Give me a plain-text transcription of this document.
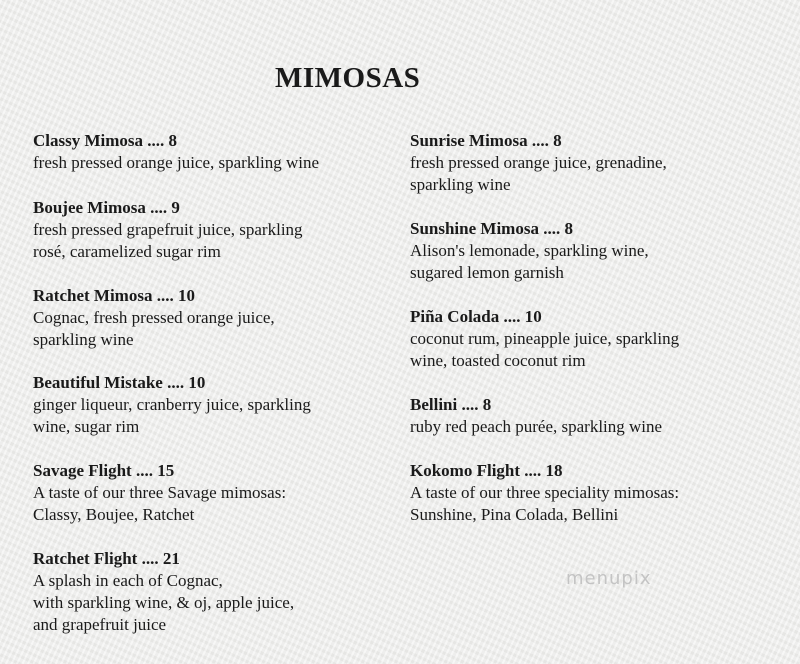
MIMOSAS
Classy Mimosa .... 8
fresh pressed orange juice, sparkling wine
Boujee Mimosa .... 9
fresh pressed grapefruit juice, sparkling
rosé, caramelized sugar rim
Ratchet Mimosa .... 10
Cognac, fresh pressed orange juice,
sparkling wine
Beautiful Mistake .... 10
ginger liqueur, cranberry juice, sparkling
wine, sugar rim
Savage Flight .... 15
A taste of our three Savage mimosas:
Classy, Boujee, Ratchet
Ratchet Flight .... 21
A splash in each of Cognac,
with sparkling wine, & oj, apple juice,
and grapefruit juice
Sunrise Mimosa .... 8
fresh pressed orange juice, grenadine,
sparkling wine
Sunshine Mimosa .... 8
Alison's lemonade, sparkling wine,
sugared lemon garnish
Piña Colada .... 10
coconut rum, pineapple juice, sparkling
wine, toasted coconut rim
Bellini .... 8
ruby red peach purée, sparkling wine
Kokomo Flight .... 18
A taste of our three speciality mimosas:
Sunshine, Pina Colada, Bellini
menupix
